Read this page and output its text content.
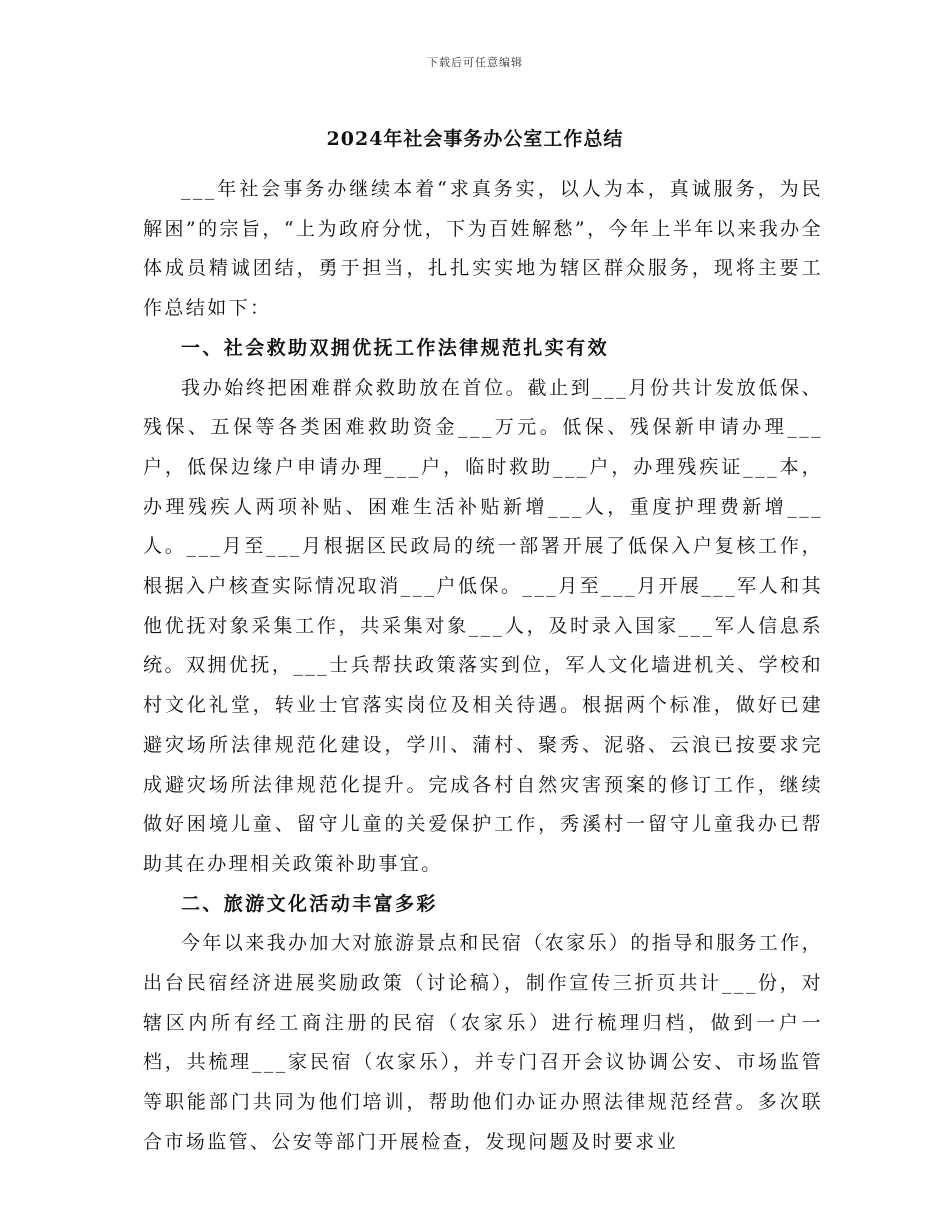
下载后可任意编辑
2024年社会事务办公室工作总结

___年社会事务办继续本着“求真务实，以人为本，真诚服务，为民解困”的宗旨，“上为政府分忧，下为百姓解愁”，今年上半年以来我办全体成员精诚团结，勇于担当，扎扎实实地为辖区群众服务，现将主要工作总结如下：

一、社会救助双拥优抚工作法律规范扎实有效

我办始终把困难群众救助放在首位。截止到___月份共计发放低保、残保、五保等各类困难救助资金___万元。低保、残保新申请办理___户，低保边缘户申请办理___户，临时救助___户，办理残疾证___本，办理残疾人两项补贴、困难生活补贴新增___人，重度护理费新增___人。___月至___月根据区民政局的统一部署开展了低保入户复核工作，根据入户核查实际情况取消___户低保。___月至___月开展___军人和其他优抚对象采集工作，共采集对象___人，及时录入国家___军人信息系统。双拥优抚，___士兵帮扶政策落实到位，军人文化墙进机关、学校和村文化礼堂，转业士官落实岗位及相关待遇。根据两个标准，做好已建避灾场所法律规范化建设，学川、蒲村、聚秀、泥骆、云浪已按要求完成避灾场所法律规范化提升。完成各村自然灾害预案的修订工作，继续做好困境儿童、留守儿童的关爱保护工作，秀溪村一留守儿童我办已帮助其在办理相关政策补助事宜。

二、旅游文化活动丰富多彩

今年以来我办加大对旅游景点和民宿（农家乐）的指导和服务工作，出台民宿经济进展奖励政策（讨论稿），制作宣传三折页共计___份，对辖区内所有经工商注册的民宿（农家乐）进行梳理归档，做到一户一档，共梳理___家民宿（农家乐），并专门召开会议协调公安、市场监管等职能部门共同为他们培训，帮助他们办证办照法律规范经营。多次联合市场监管、公安等部门开展检查，发现问题及时要求业
